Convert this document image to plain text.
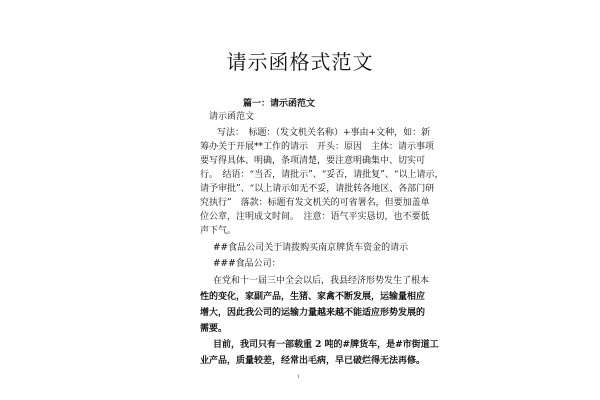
请示函格式范文
篇一：请示函范文
请示函范文
写法：　标题：（发文机关名称）+事由+文种，如：新
筹办关于开展**工作的请示　开头：原因　主体：请示事项
要写得具体、明确，条项清楚，要注意明确集中、切实可
行。　结语：“当否，请批示”、“妥否，请批复”、“以上请示，
请予审批”、“以上请示如无不妥，请批转各地区、各部门研
究执行”　落款：标题有发文机关的可省署名，但要加盖单
位公章，注明成文时间。　注意：语气平实恳切，也不要低
声下气。
##食品公司关于请拨购买南京牌货车资金的请示
###食品公司：
在党和十一届三中全会以后，我县经济形势发生了根本
性的变化，家副产品，生猪、家禽不断发展，运输量相应
增大，因此我公司的运输力量越来越不能适应形势发展的
需要。
目前，我司只有一部载重 2 吨的#牌货车，是#市街道工
业产品，质量较差，经常出毛病，早已破烂得无法再修。
1
